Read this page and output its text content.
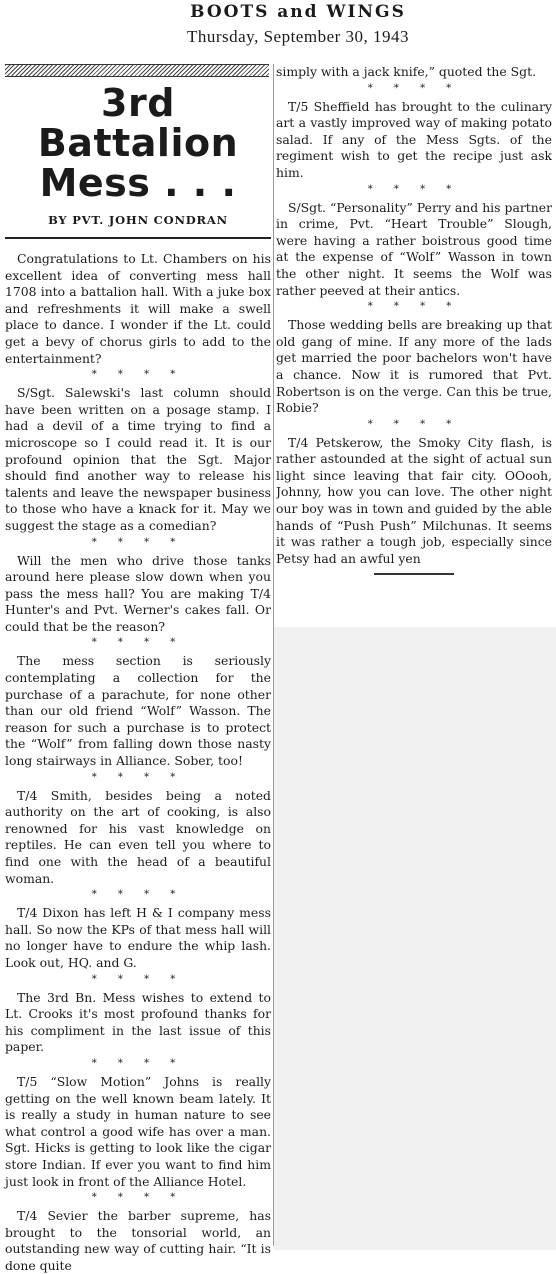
BOOTS and WINGS
Thursday, September 30, 1943
3rd Battalion Mess . . .
BY PVT. JOHN CONDRAN

Congratulations to Lt. Chambers on his excellent idea of converting mess hall 1708 into a battalion hall. With a juke box and refreshments it will make a swell place to dance. I wonder if the Lt. could get a bevy of chorus girls to add to the entertainment?

* * * *

S/Sgt. Salewski's last column should have been written on a posage stamp. I had a devil of a time trying to find a microscope so I could read it. It is our profound opinion that the Sgt. Major should find another way to release his talents and leave the newspaper business to those who have a knack for it. May we suggest the stage as a comedian?

* * * *

Will the men who drive those tanks around here please slow down when you pass the mess hall? You are making T/4 Hunter's and Pvt. Werner's cakes fall. Or could that be the reason?

* * * *

The mess section is seriously contemplating a collection for the purchase of a parachute, for none other than our old friend “Wolf” Wasson. The reason for such a purchase is to protect the “Wolf” from falling down those nasty long stairways in Alliance. Sober, too!

* * * *

T/4 Smith, besides being a noted authority on the art of cooking, is also renowned for his vast knowledge on reptiles. He can even tell you where to find one with the head of a beautiful woman.

* * * *

T/4 Dixon has left H & I company mess hall. So now the KPs of that mess hall will no longer have to endure the whip lash. Look out, HQ. and G.

* * * *

The 3rd Bn. Mess wishes to extend to Lt. Crooks it's most profound thanks for his compliment in the last issue of this paper.

* * * *

T/5 “Slow Motion” Johns is really getting on the well known beam lately. It is really a study in human nature to see what control a good wife has over a man. Sgt. Hicks is getting to look like the cigar store Indian. If ever you want to find him just look in front of the Alliance Hotel.

* * * *

T/4 Sevier the barber supreme, has brought to the tonsorial world, an outstanding new way of cutting hair. “It is done quite

simply with a jack knife,” quoted the Sgt.

* * * *

T/5 Sheffield has brought to the culinary art a vastly improved way of making potato salad. If any of the Mess Sgts. of the regiment wish to get the recipe just ask him.

* * * *

S/Sgt. “Personality” Perry and his partner in crime, Pvt. “Heart Trouble” Slough, were having a rather boistrous good time at the expense of “Wolf” Wasson in town the other night. It seems the Wolf was rather peeved at their antics.

* * * *

Those wedding bells are breaking up that old gang of mine. If any more of the lads get married the poor bachelors won't have a chance. Now it is rumored that Pvt. Robertson is on the verge. Can this be true, Robie?

* * * *

T/4 Petskerow, the Smoky City flash, is rather astounded at the sight of actual sun light since leaving that fair city. OOooh, Johnny, how you can love. The other night our boy was in town and guided by the able hands of “Push Push” Milchunas. It seems it was rather a tough job, especially since Petsy had an awful yen
